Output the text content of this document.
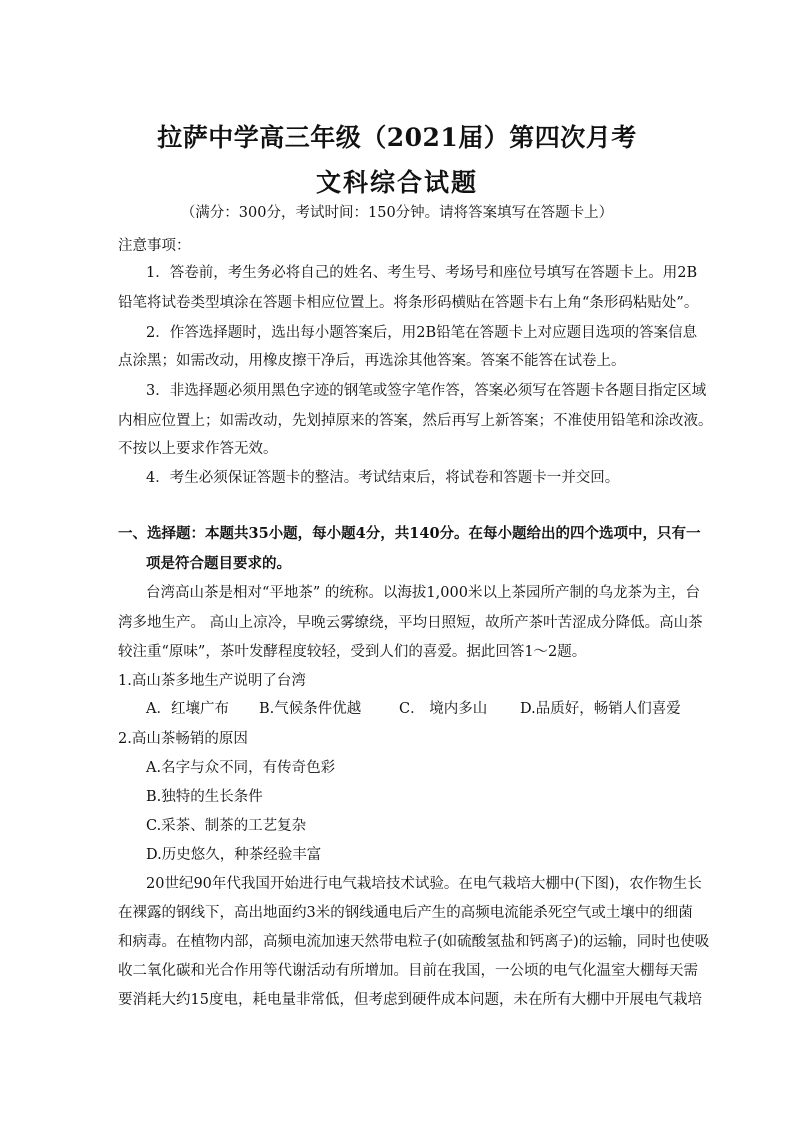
拉萨中学高三年级（2021届）第四次月考
文科综合试题
（满分：300分，考试时间：150分钟。请将答案填写在答题卡上）
注意事项：
1．答卷前，考生务必将自己的姓名、考生号、考场号和座位号填写在答题卡上。用2B
铅笔将试卷类型填涂在答题卡相应位置上。将条形码横贴在答题卡右上角“条形码粘贴处”。
2．作答选择题时，选出每小题答案后，用2B铅笔在答题卡上对应题目选项的答案信息
点涂黑；如需改动，用橡皮擦干净后，再选涂其他答案。答案不能答在试卷上。
3．非选择题必须用黑色字迹的钢笔或签字笔作答，答案必须写在答题卡各题目指定区域
内相应位置上；如需改动，先划掉原来的答案，然后再写上新答案；不准使用铅笔和涂改液。
不按以上要求作答无效。
4．考生必须保证答题卡的整洁。考试结束后，将试卷和答题卡一并交回。
一、选择题：本题共35小题，每小题4分，共140分。在每小题给出的四个选项中，只有一
项是符合题目要求的。
台湾高山茶是相对“平地茶” 的统称。以海拔1,000米以上茶园所产制的乌龙茶为主，台
湾多地生产。 高山上凉冷，早晚云雾缭绕，平均日照短，故所产茶叶苦涩成分降低。高山茶
较注重“原味”，茶叶发酵程度较轻，受到人们的喜爱。据此回答1～2题。
1.高山茶多地生产说明了台湾
A．红壤广布 B.气候条件优越	C． 境内多山 D.品质好，畅销人们喜爱
2.高山茶畅销的原因
A.名字与众不同，有传奇色彩
B.独特的生长条件
C.采茶、制茶的工艺复杂
D.历史悠久，种茶经验丰富
20世纪90年代我国开始进行电气栽培技术试验。在电气栽培大棚中(下图)，农作物生长
在裸露的钢线下，高出地面约3米的钢线通电后产生的高频电流能杀死空气或土壤中的细菌
和病毒。在植物内部，高频电流加速天然带电粒子(如硫酸氢盐和钙离子)的运输，同时也使吸
收二氧化碳和光合作用等代谢活动有所增加。目前在我国，一公顷的电气化温室大棚每天需
要消耗大约15度电，耗电量非常低，但考虑到硬件成本问题，未在所有大棚中开展电气栽培
